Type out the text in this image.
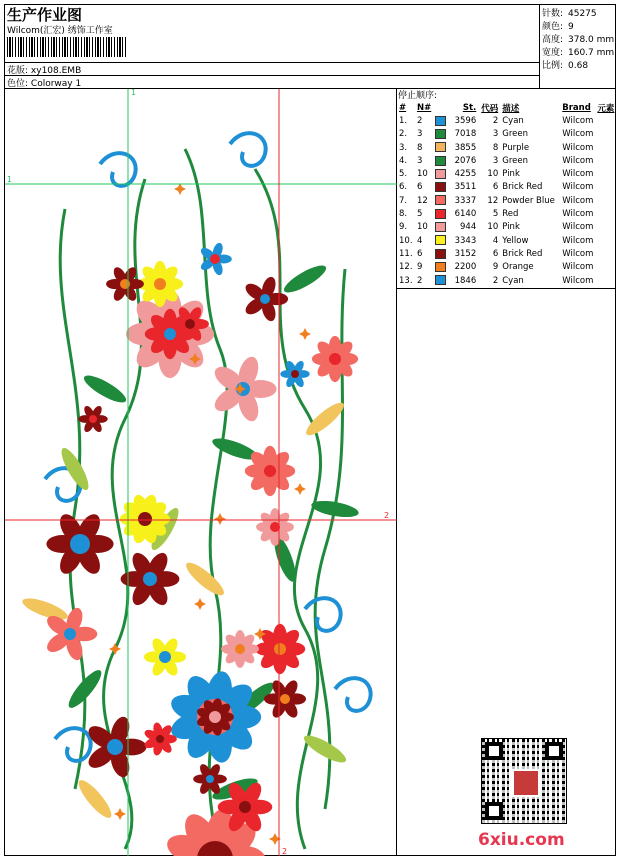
生产作业图
Wilcom(汇宏) 绣饰工作室
花版: xy108.EMB
色位: Colorway 1
针数: 45275
颜色: 9
高度: 378.0 mm
宽度: 160.7 mm
比例: 0.68
停止顺序:
#	N#		St.	代码	描述	Brand	元素
1.	2		3596	2	Cyan	Wilcom	
2.	3		7018	3	Green	Wilcom	
3.	8		3855	8	Purple	Wilcom	
4.	3		2076	3	Green	Wilcom	
5.	10		4255	10	Pink	Wilcom	
6.	6		3511	6	Brick Red	Wilcom	
7.	12		3337	12	Powder Blue	Wilcom	
8.	5		6140	5	Red	Wilcom	
9.	10		944	10	Pink	Wilcom	
10.	4		3343	4	Yellow	Wilcom	
11.	6		3152	6	Brick Red	Wilcom	
12.	9		2200	9	Orange	Wilcom	
13.	2		1846	2	Cyan	Wilcom	
1
1
2
2
6xiu.com
